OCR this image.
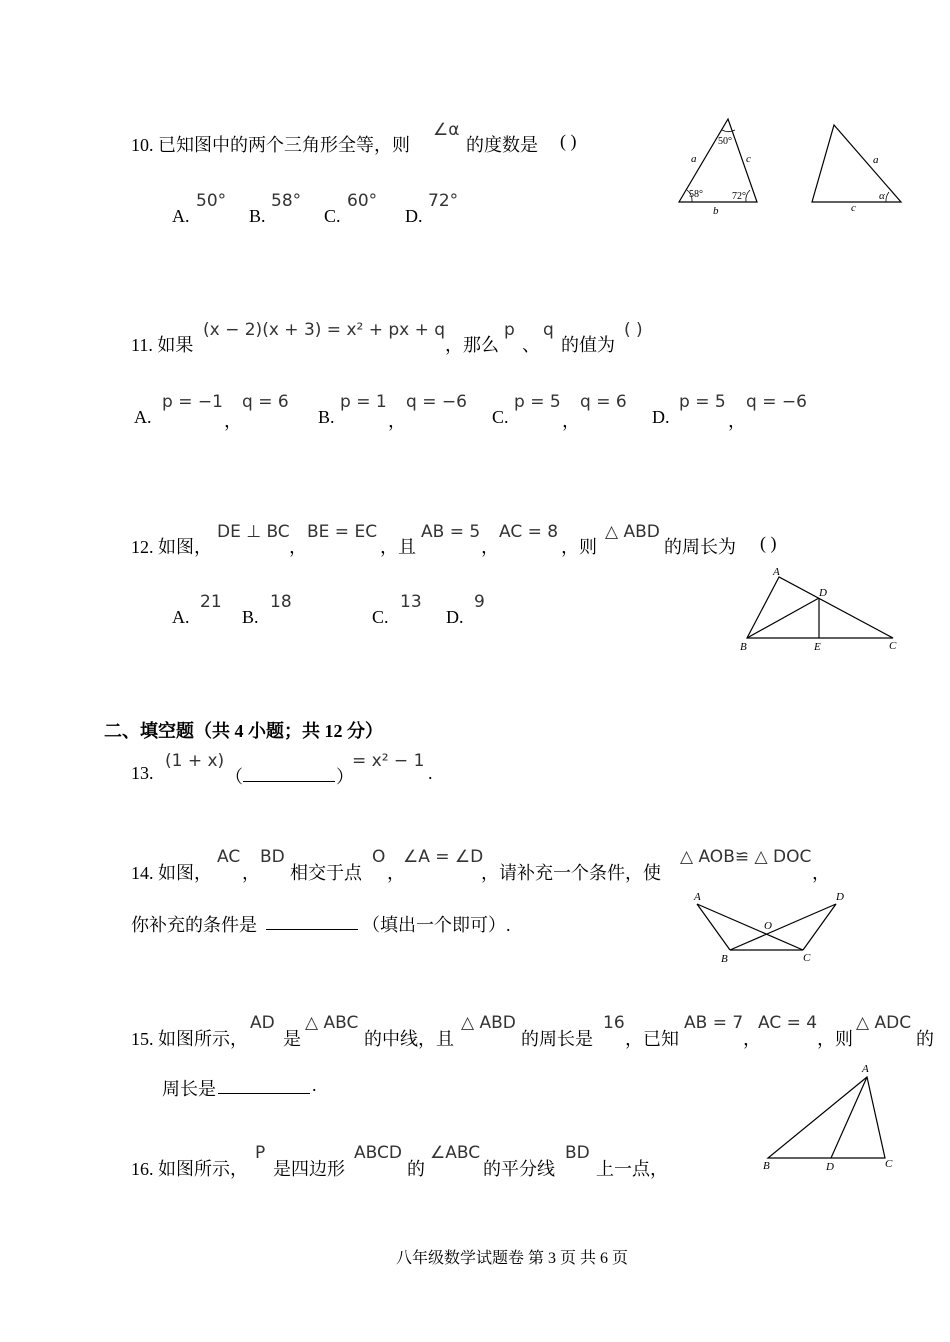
10. 已知图中的两个三角形全等，则
∠α
的度数是 ( )
A.
50°
B.
58°
C.
60°
D.
72°
50°
58°	72°
a	c
b
a
c
α
11. 如果
(x − 2)(x + 3) = x² + px + q
，那么
p
、
q
的值为
( )
A.
p = −1
，
q = 6
B.
p = 1
，
q = −6
C.
p = 5
，
q = 6
D.
p = 5
，
q = −6
12. 如图，
DE ⊥ BC
，
BE = EC
，且
AB = 5
，
AC = 8
，则
△ ABD
的周长为 ( )
A.
21
B.
18
C.
13
D.
9
A
B	C
D
E
二、填空题（共 4 小题；共 12 分）
13.
(1 + x)
（	）
= x² − 1
.
14. 如图，
AC
，
BD
相交于点
O
，
∠A = ∠D
，请补充一个条件，使
△ AOB≌ △ DOC
，
你补充的条件是	（填出一个即可）.
A	D
O
B	C
15. 如图所示，
AD
是
△ ABC
的中线，且
△ ABD
的周长是
16
，已知
AB = 7
，
AC = 4
，则
△ ADC
的
周长是	.
A
B	D	C
16. 如图所示，
P
是四边形
ABCD
的
∠ABC
的平分线
BD
上一点，
八年级数学试题卷 第 3 页 共 6 页
